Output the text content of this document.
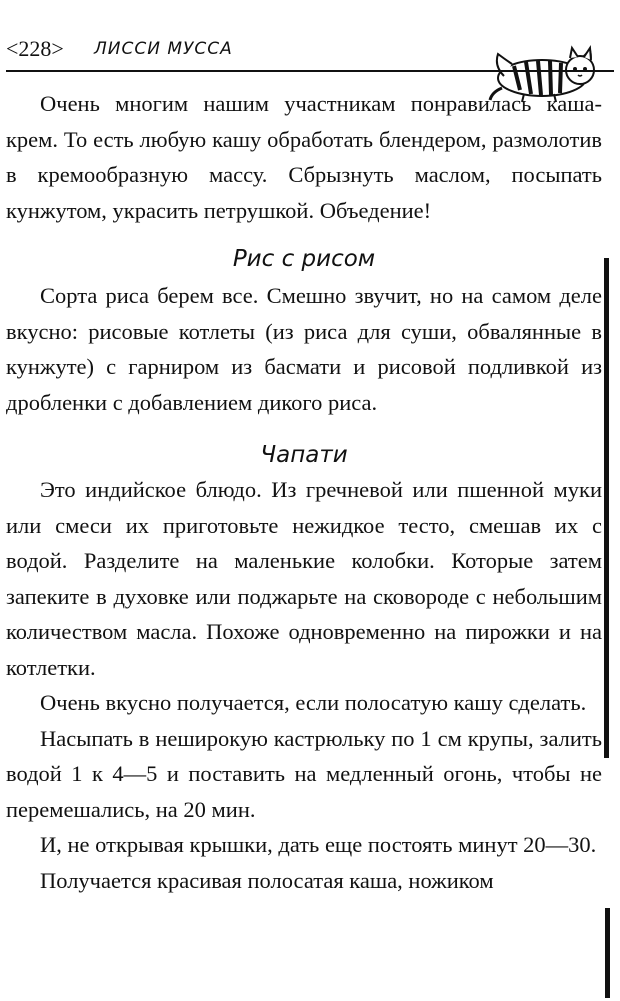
<228> ЛИССИ МУССА

Очень многим нашим участникам понравилась каша-крем. То есть любую кашу обработать блендером, размолотив в кремообразную массу. Сбрызнуть маслом, посыпать кунжутом, украсить петрушкой. Объедение!

Рис с рисом

Сорта риса берем все. Смешно звучит, но на самом деле вкусно: рисовые котлеты (из риса для суши, обвалянные в кунжуте) с гарниром из басмати и рисовой подливкой из дробленки с добавлением дикого риса.

Чапати

Это индийское блюдо. Из гречневой или пшенной муки или смеси их приготовьте нежидкое тесто, смешав их с водой. Разделите на маленькие колобки. Которые затем запеките в духовке или поджарьте на сковороде с небольшим количеством масла. Похоже одновременно на пирожки и на котлетки.

Очень вкусно получается, если полосатую кашу сделать.

Насыпать в неширокую кастрюльку по 1 см крупы, залить водой 1 к 4—5 и поставить на медленный огонь, чтобы не перемешались, на 20 мин.

И, не открывая крышки, дать еще постоять минут 20—30.

Получается красивая полосатая каша, ножиком
